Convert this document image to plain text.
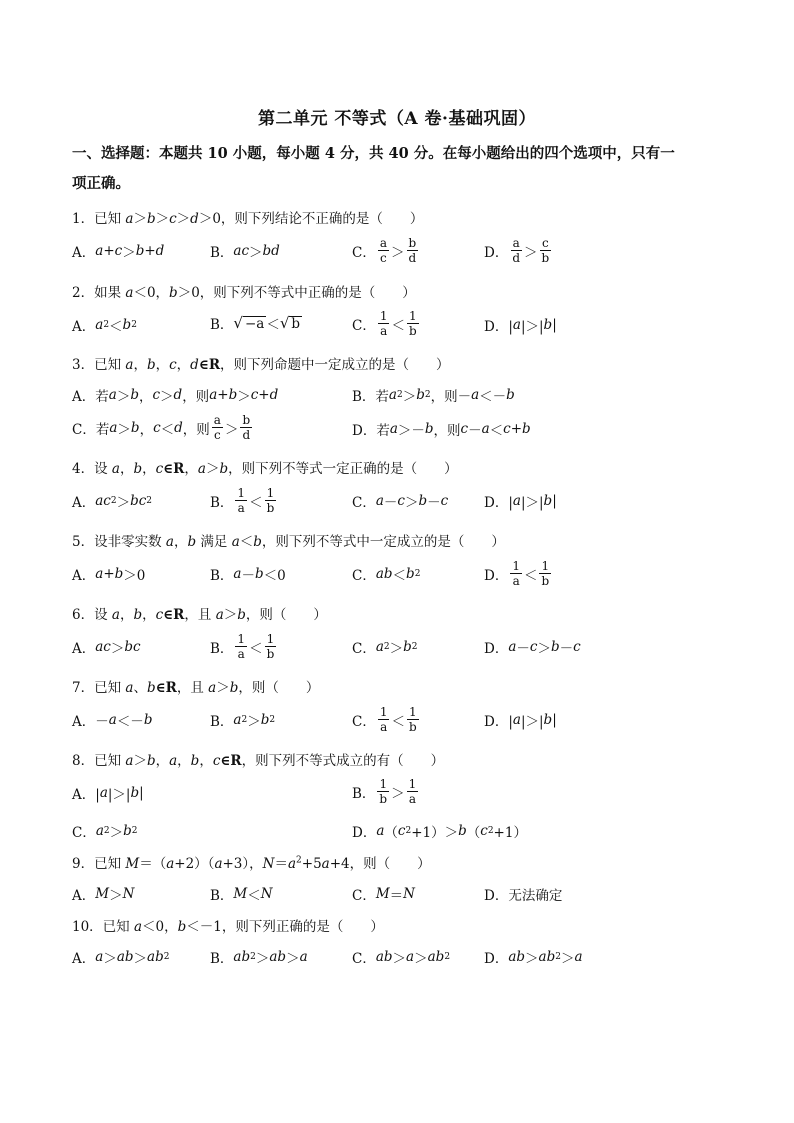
第二单元 不等式（A 卷·基础巩固）
一、选择题：本题共 10 小题，每小题 4 分，共 40 分。在每小题给出的四个选项中，只有一
项正确。
1．已知 a＞b＞c＞d＞0，则下列结论不正确的是（　　）
A． a + c ＞ b + d	B． ac ＞ bd	C． $\frac{a}{c} > \frac{b}{d}$	D． $\frac{a}{d} > \frac{c}{b}$
2．如果 a＜0，b＞0，则下列不等式中正确的是（　　）
A． a 2 ＜ b 2	B． √ −a ＜ √ b	C． $\frac{1}{a} < \frac{1}{b}$	D．| a |＞| b |
3．已知 a，b，c，d∈R，则下列命题中一定成立的是（　　）
A．若 a ＞ b ， c ＞ d ，则 a + b ＞ c + d	B．若 a 2 ＞ b 2 ，则－ a ＜－ b
C．若 a ＞ b ， c ＜ d ，则 $\frac{a}{c} > \frac{b}{d}$	D．若 a ＞－ b ，则 c － a ＜ c + b
4．设 a，b，c∈R，a＞b，则下列不等式一定正确的是（　　）
A． ac 2 ＞ bc 2	B． $\frac{1}{a} < \frac{1}{b}$	C． a － c ＞ b － c	D．| a |＞| b |
5．设非零实数 a，b 满足 a＜b，则下列不等式中一定成立的是（　　）
A． a + b ＞0	B． a － b ＜0	C． ab ＜ b 2	D． $\frac{1}{a} < \frac{1}{b}$
6．设 a，b，c∈R，且 a＞b，则（　　）
A． ac ＞ bc	B． $\frac{1}{a} < \frac{1}{b}$	C． a 2 ＞ b 2	D． a － c ＞ b － c
7．已知 a、b∈R，且 a＞b，则（　　）
A．－ a ＜－ b	B． a 2 ＞ b 2	C． $\frac{1}{a} < \frac{1}{b}$	D．| a |＞| b |
8．已知 a＞b，a，b，c∈R，则下列不等式成立的有（　　）
A．| a |＞| b |	B． $\frac{1}{b} > \frac{1}{a}$
C． a 2 ＞ b 2	D． a （ c 2 +1）＞ b （ c 2 +1）
9．已知 M＝（a+2）（a+3），$N=a^2+5a+4$，则（　　）
A． M ＞ N	B． M ＜ N	C． M ＝ N	D．无法确定
10．已知 a＜0，b＜－1，则下列正确的是（　　）
A． a ＞ ab ＞ ab 2	B． ab 2 ＞ ab ＞ a	C． ab ＞ a ＞ ab 2	D． ab ＞ ab 2 ＞ a
